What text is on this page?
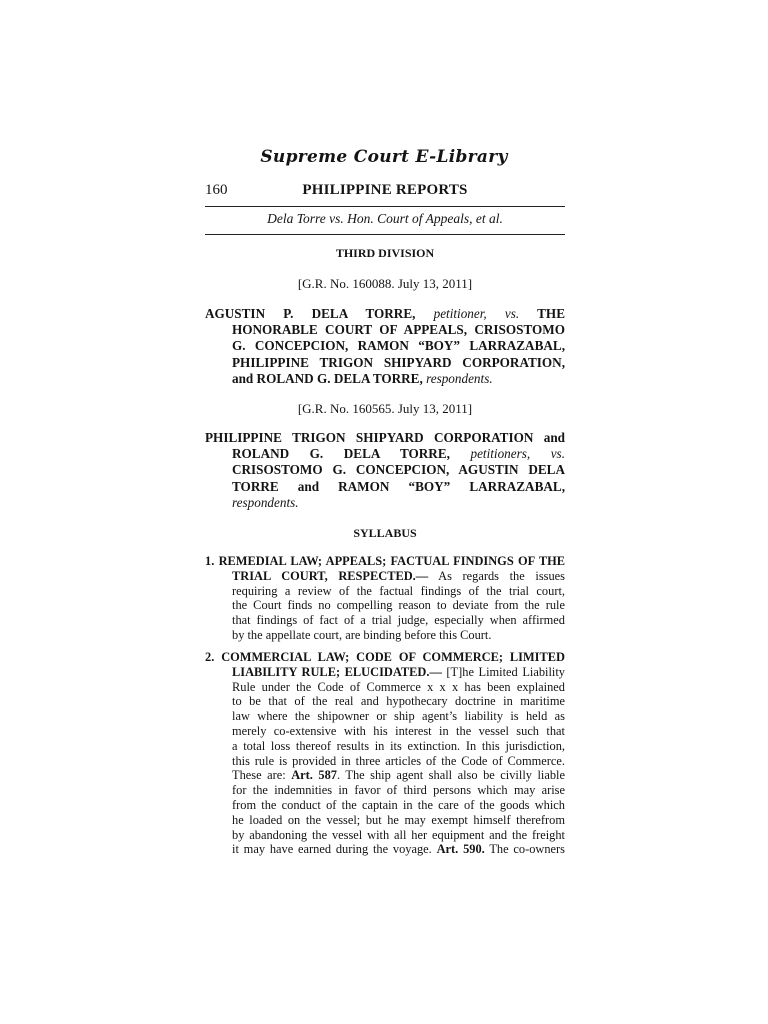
Supreme Court E-Library
160	PHILIPPINE REPORTS
Dela Torre vs. Hon. Court of Appeals, et al.
THIRD DIVISION
[G.R. No. 160088. July 13, 2011]
AGUSTIN P. DELA TORRE, petitioner, vs. THE
HONORABLE COURT OF APPEALS, CRISOSTOMO
G. CONCEPCION, RAMON “BOY” LARRAZABAL,
PHILIPPINE TRIGON SHIPYARD CORPORATION,
and ROLAND G. DELA TORRE, respondents.
[G.R. No. 160565. July 13, 2011]
PHILIPPINE TRIGON SHIPYARD CORPORATION and
ROLAND G. DELA TORRE, petitioners, vs.
CRISOSTOMO G. CONCEPCION, AGUSTIN DELA
TORRE and RAMON “BOY” LARRAZABAL,
respondents.
SYLLABUS
1. REMEDIAL LAW; APPEALS; FACTUAL FINDINGS OF THE
TRIAL COURT, RESPECTED.— As regards the issues
requiring a review of the factual findings of the trial court,
the Court finds no compelling reason to deviate from the rule
that findings of fact of a trial judge, especially when affirmed
by the appellate court, are binding before this Court.
2. COMMERCIAL LAW; CODE OF COMMERCE; LIMITED
LIABILITY RULE; ELUCIDATED.— [T]he Limited Liability
Rule under the Code of Commerce x x x has been explained
to be that of the real and hypothecary doctrine in maritime
law where the shipowner or ship agent’s liability is held as
merely co-extensive with his interest in the vessel such that
a total loss thereof results in its extinction. In this jurisdiction,
this rule is provided in three articles of the Code of Commerce.
These are: Art. 587. The ship agent shall also be civilly liable
for the indemnities in favor of third persons which may arise
from the conduct of the captain in the care of the goods which
he loaded on the vessel; but he may exempt himself therefrom
by abandoning the vessel with all her equipment and the freight
it may have earned during the voyage. Art. 590. The co-owners
